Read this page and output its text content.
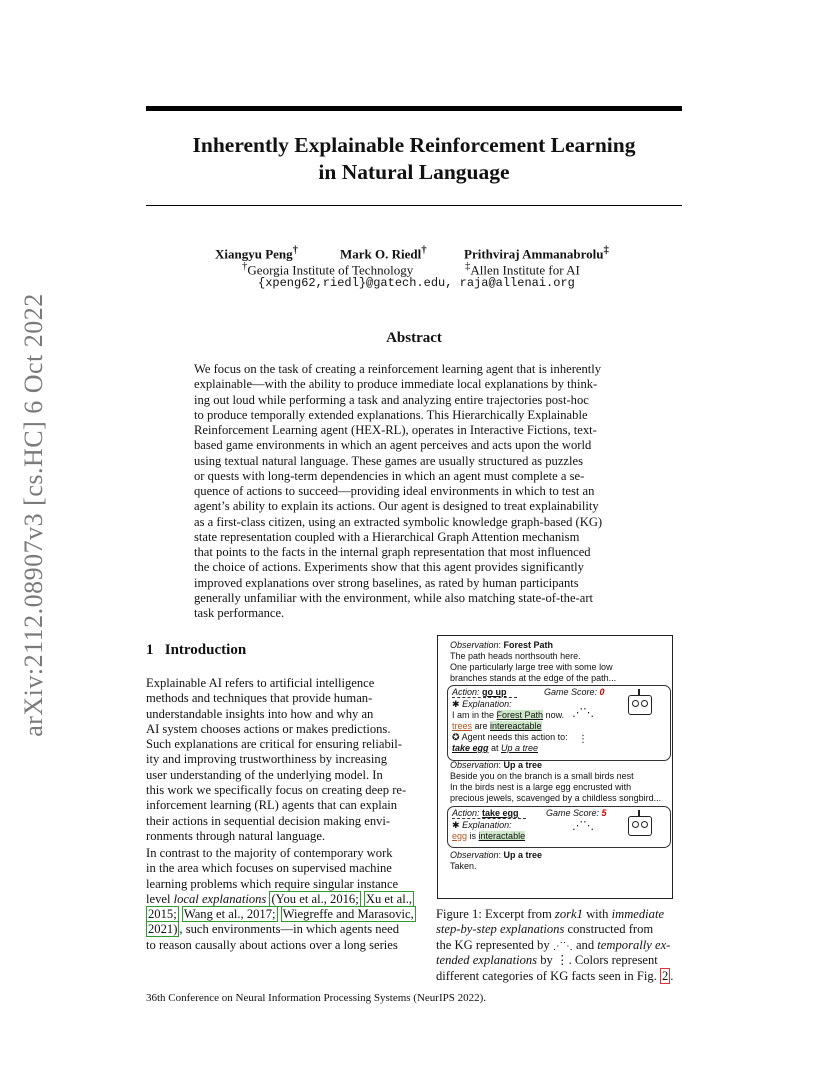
arXiv:2112.08907v3 [cs.HC] 6 Oct 2022
Inherently Explainable Reinforcement Learning
in Natural Language
Xiangyu Peng†	Mark O. Riedl†	Prithviraj Ammanabrolu‡
†Georgia Institute of Technology	‡Allen Institute for AI
{xpeng62,riedl}@gatech.edu, raja@allenai.org
Abstract
We focus on the task of creating a reinforcement learning agent that is inherently
explainable—with the ability to produce immediate local explanations by think-
ing out loud while performing a task and analyzing entire trajectories post-hoc
to produce temporally extended explanations. This Hierarchically Explainable
Reinforcement Learning agent (HEX-RL), operates in Interactive Fictions, text-
based game environments in which an agent perceives and acts upon the world
using textual natural language. These games are usually structured as puzzles
or quests with long-term dependencies in which an agent must complete a se-
quence of actions to succeed—providing ideal environments in which to test an
agent’s ability to explain its actions. Our agent is designed to treat explainability
as a first-class citizen, using an extracted symbolic knowledge graph-based (KG)
state representation coupled with a Hierarchical Graph Attention mechanism
that points to the facts in the internal graph representation that most influenced
the choice of actions. Experiments show that this agent provides significantly
improved explanations over strong baselines, as rated by human participants
generally unfamiliar with the environment, while also matching state-of-the-art
task performance.
1 Introduction
Explainable AI refers to artificial intelligence
methods and techniques that provide human-
understandable insights into how and why an
AI system chooses actions or makes predictions.
Such explanations are critical for ensuring reliabil-
ity and improving trustworthiness by increasing
user understanding of the underlying model. In
this work we specifically focus on creating deep re-
inforcement learning (RL) agents that can explain
their actions in sequential decision making envi-
ronments through natural language.
In contrast to the majority of contemporary work
in the area which focuses on supervised machine
learning problems which require singular instance
level local explanations (You et al., 2016; Xu et al.,
2015; Wang et al., 2017; Wiegreffe and Marasovic,
2021) , such environments—in which agents need
to reason causally about actions over a long series
Observation: Forest Path
The path heads northsouth here.
One particularly large tree with some low
branches stands at the edge of the path...
Action: go up	Game Score: 0
✱ Explanation:
I am in the Forest Path now.
trees are intereactable
✪ Agent needs this action to:
take egg at Up a tree
⋰⋱
⋮
Observation: Up a tree
Beside you on the branch is a small birds nest
In the birds nest is a large egg encrusted with
precious jewels, scavenged by a childless songbird...
Action: take egg	Game Score: 5
✱ Explanation:
egg is interactable
⋰⋱
Observation: Up a tree
Taken.
Figure 1: Excerpt from zork1 with immediate
step-by-step explanations constructed from
the KG represented by ⋰⋱ and temporally ex-
tended explanations by ⋮. Colors represent
different categories of KG facts seen in Fig. 2 .
36th Conference on Neural Information Processing Systems (NeurIPS 2022).
